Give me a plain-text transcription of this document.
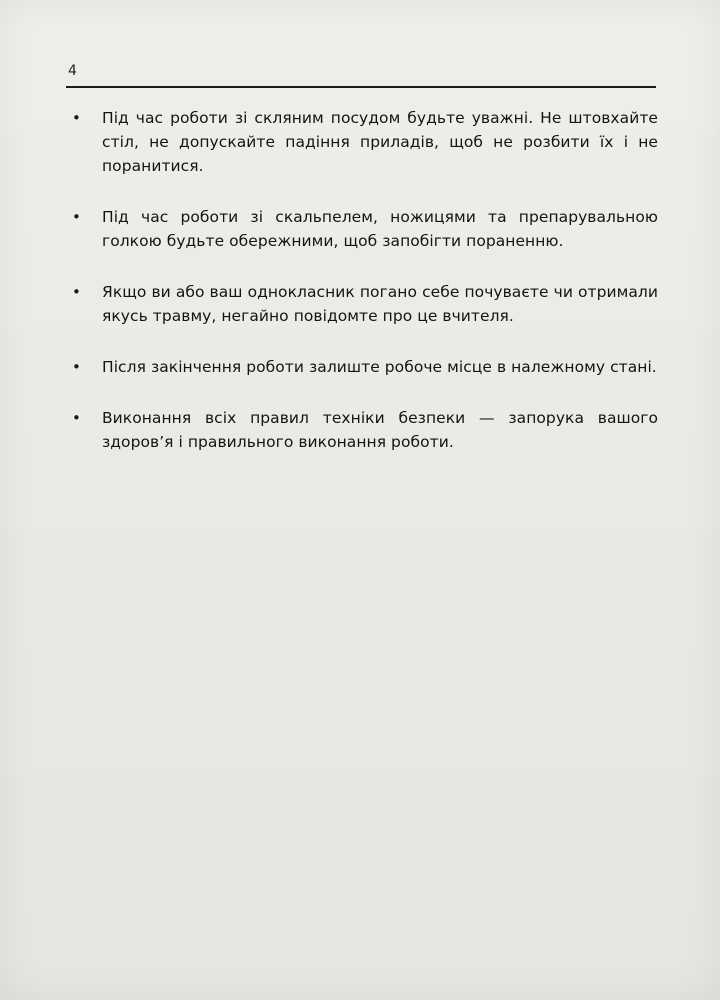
4
• Під час роботи зі скляним посудом будьте уважні. Не штовхайте стіл, не допускайте падіння приладів, щоб не розбити їх і не поранитися.
• Під час роботи зі скальпелем, ножицями та препарувальною голкою будьте обережними, щоб запобігти пораненню.
• Якщо ви або ваш однокласник погано себе почуваєте чи отримали якусь травму, негайно повідомте про це вчителя.
• Після закінчення роботи залиште робоче місце в належному стані.
• Виконання всіх правил техніки безпеки — запорука вашого здоров’я і правильного виконання роботи.
